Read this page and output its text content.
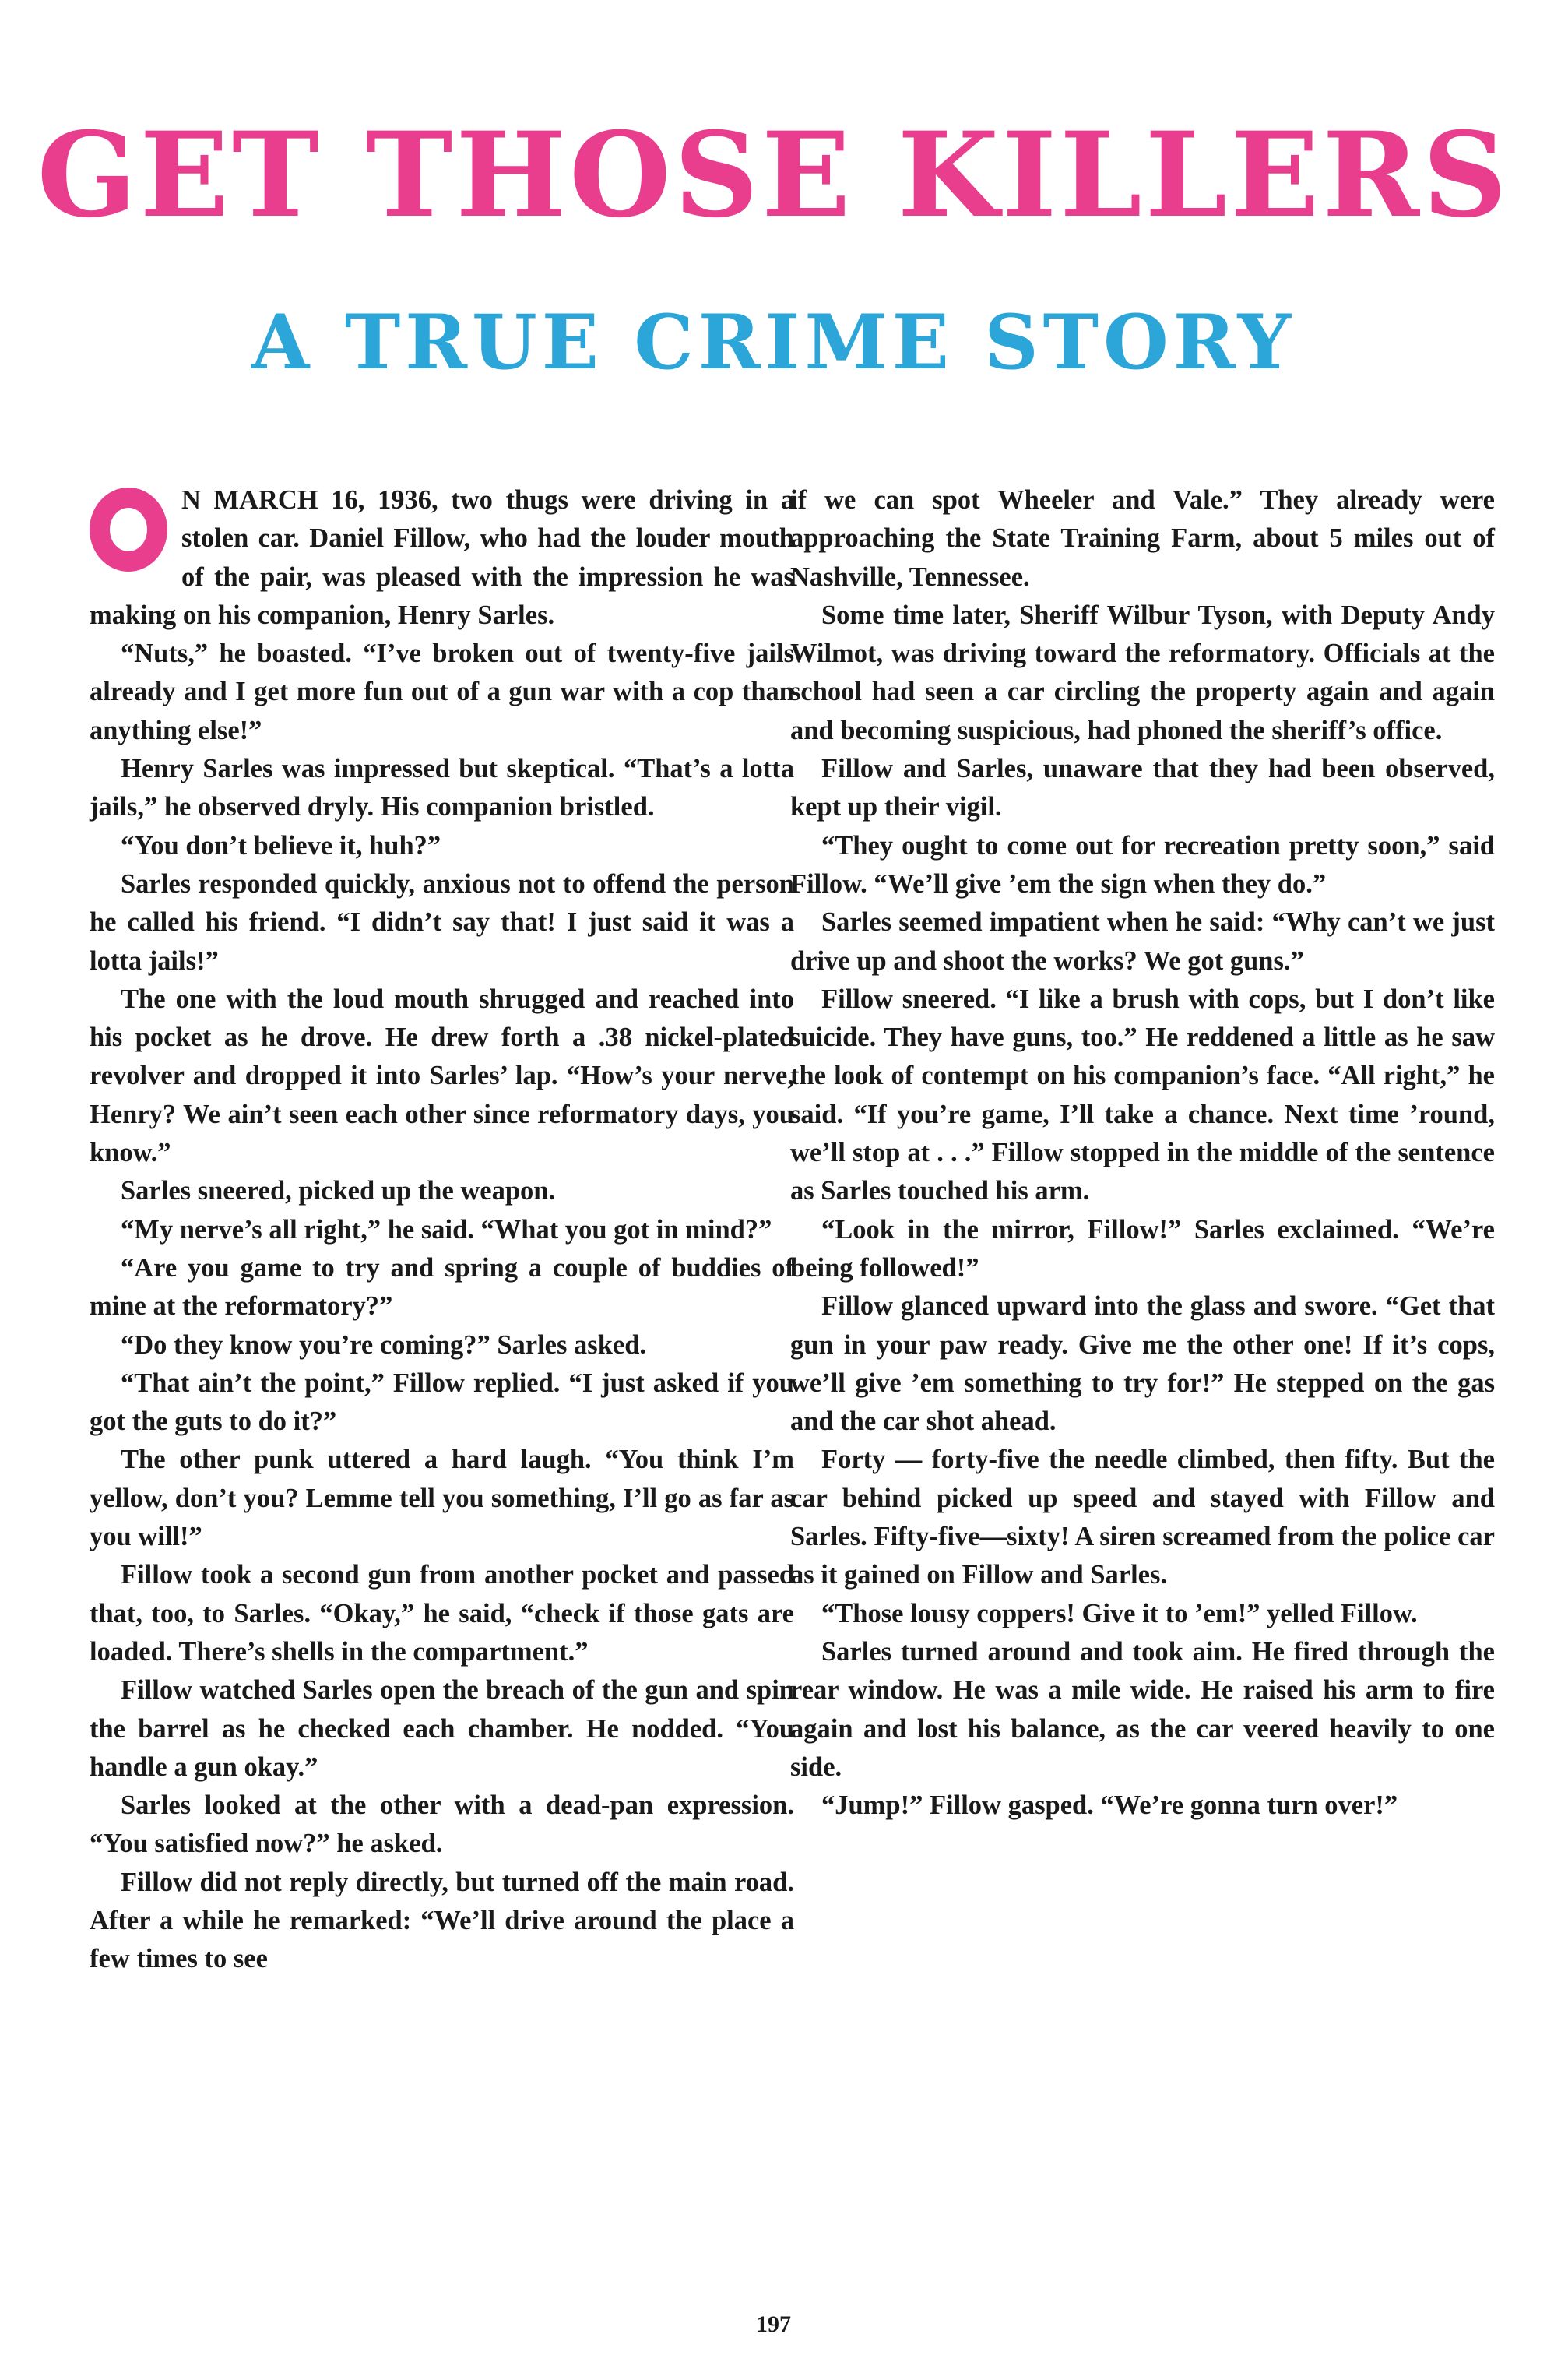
GET THOSE KILLERS
A TRUE CRIME STORY

N MARCH 16, 1936, two thugs were driving in a stolen car. Daniel Fillow, who had the louder mouth of the pair, was pleased with the impression he was making on his companion, Henry Sarles.

“Nuts,” he boasted. “I’ve broken out of twenty-five jails already and I get more fun out of a gun war with a cop than anything else!”

Henry Sarles was impressed but skeptical. “That’s a lotta jails,” he observed dryly. His companion bristled.

“You don’t believe it, huh?”

Sarles responded quickly, anxious not to offend the person he called his friend. “I didn’t say that! I just said it was a lotta jails!”

The one with the loud mouth shrugged and reached into his pocket as he drove. He drew forth a .38 nickel-plated revolver and dropped it into Sarles’ lap. “How’s your nerve, Henry? We ain’t seen each other since reformatory days, you know.”

Sarles sneered, picked up the weapon.

“My nerve’s all right,” he said. “What you got in mind?”

“Are you game to try and spring a couple of buddies of mine at the reformatory?”

“Do they know you’re coming?” Sarles asked.

“That ain’t the point,” Fillow replied. “I just asked if you got the guts to do it?”

The other punk uttered a hard laugh. “You think I’m yellow, don’t you? Lemme tell you something, I’ll go as far as you will!”

Fillow took a second gun from another pocket and passed that, too, to Sarles. “Okay,” he said, “check if those gats are loaded. There’s shells in the compartment.”

Fillow watched Sarles open the breach of the gun and spin the barrel as he checked each chamber. He nodded. “You handle a gun okay.”

Sarles looked at the other with a dead-pan expression. “You satisfied now?” he asked.

Fillow did not reply directly, but turned off the main road. After a while he remarked: “We’ll drive around the place a few times to see

if we can spot Wheeler and Vale.” They already were approaching the State Training Farm, about 5 miles out of Nashville, Tennessee.

Some time later, Sheriff Wilbur Tyson, with Deputy Andy Wilmot, was driving toward the reformatory. Officials at the school had seen a car circling the property again and again and becoming suspicious, had phoned the sheriff’s office.

Fillow and Sarles, unaware that they had been observed, kept up their vigil.

“They ought to come out for recreation pretty soon,” said Fillow. “We’ll give ’em the sign when they do.”

Sarles seemed impatient when he said: “Why can’t we just drive up and shoot the works? We got guns.”

Fillow sneered. “I like a brush with cops, but I don’t like suicide. They have guns, too.” He reddened a little as he saw the look of contempt on his companion’s face. “All right,” he said. “If you’re game, I’ll take a chance. Next time ’round, we’ll stop at . . .” Fillow stopped in the middle of the sentence as Sarles touched his arm.

“Look in the mirror, Fillow!” Sarles exclaimed. “We’re being followed!”

Fillow glanced upward into the glass and swore. “Get that gun in your paw ready. Give me the other one! If it’s cops, we’ll give ’em something to try for!” He stepped on the gas and the car shot ahead.

Forty — forty-five the needle climbed, then fifty. But the car behind picked up speed and stayed with Fillow and Sarles. Fifty-five—sixty! A siren screamed from the police car as it gained on Fillow and Sarles.

“Those lousy coppers! Give it to ’em!” yelled Fillow.

Sarles turned around and took aim. He fired through the rear window. He was a mile wide. He raised his arm to fire again and lost his balance, as the car veered heavily to one side.

“Jump!” Fillow gasped. “We’re gonna turn over!”

197
